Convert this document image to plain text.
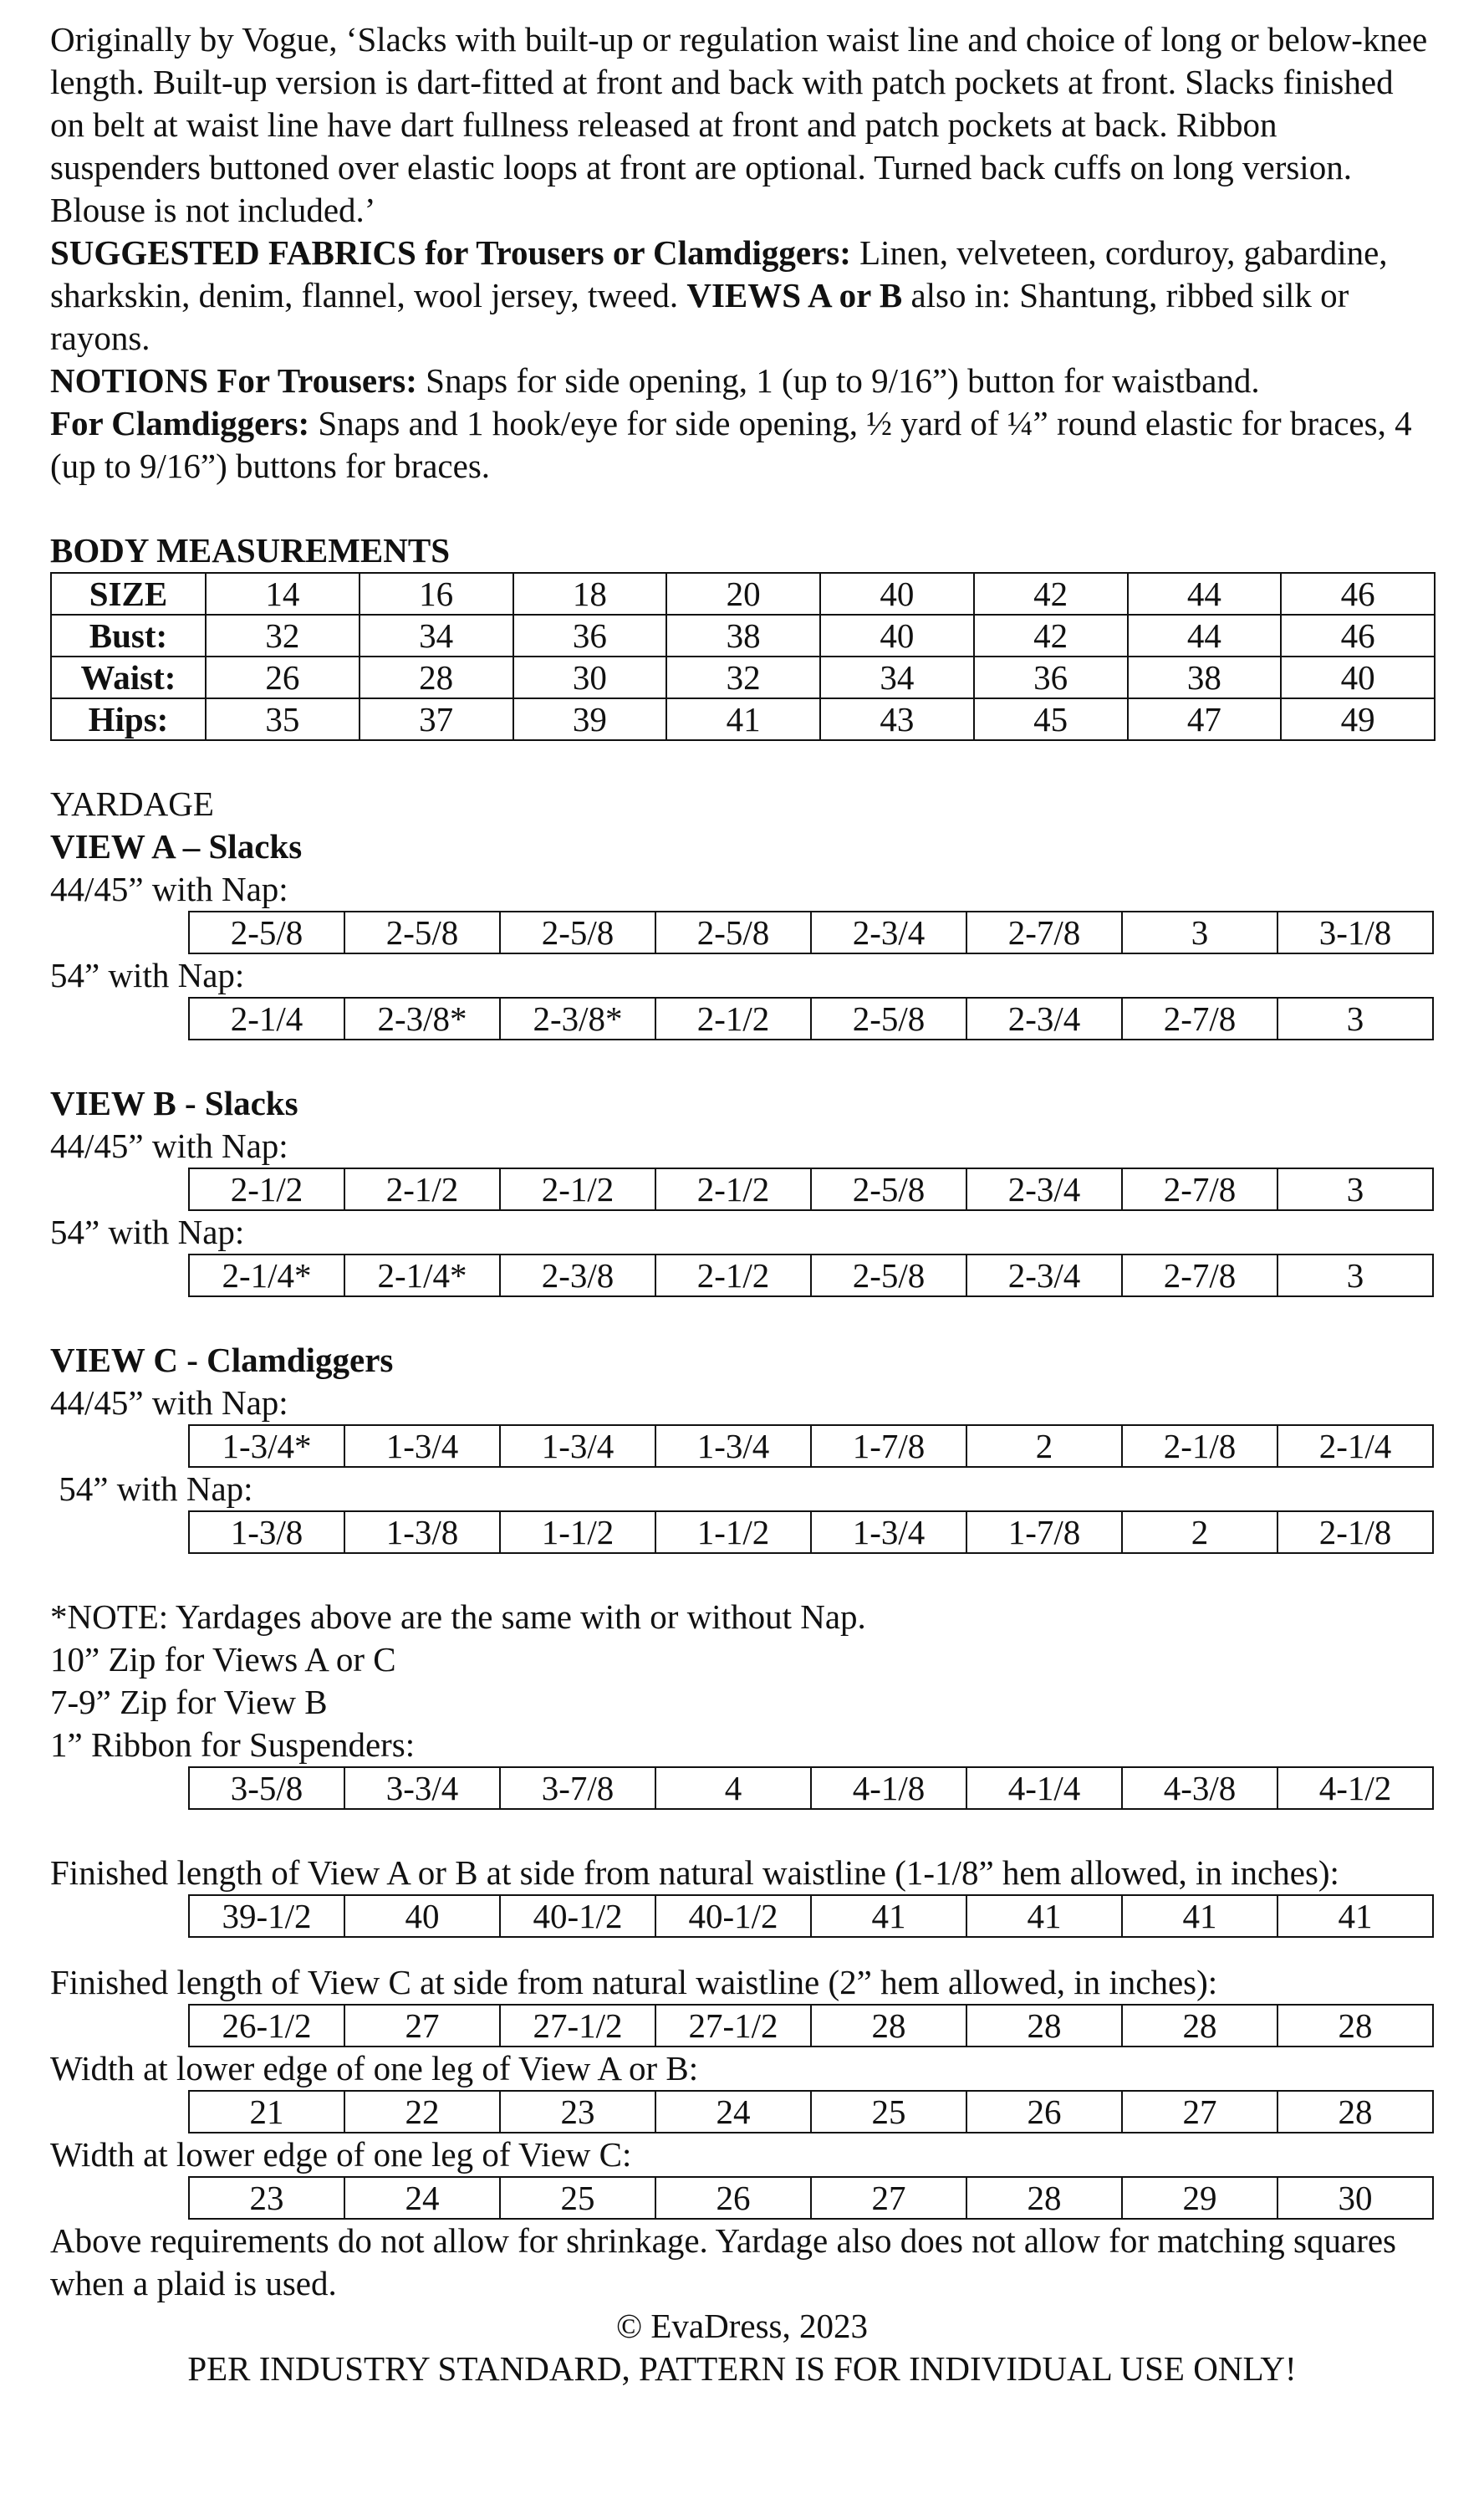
Originally by Vogue, ‘Slacks with built-up or regulation waist line and choice of long or below-knee length. Built-up version is dart-fitted at front and back with patch pockets at front. Slacks finished on belt at waist line have dart fullness released at front and patch pockets at back. Ribbon suspenders buttoned over elastic loops at front are optional. Turned back cuffs on long version. Blouse is not included.’

SUGGESTED FABRICS for Trousers or Clamdiggers: Linen, velveteen, corduroy, gabardine, sharkskin, denim, flannel, wool jersey, tweed. VIEWS A or B also in: Shantung, ribbed silk or rayons.

NOTIONS For Trousers: Snaps for side opening, 1 (up to 9/16”) button for waistband.

For Clamdiggers: Snaps and 1 hook/eye for side opening, ½ yard of ¼” round elastic for braces, 4 (up to 9/16”) buttons for braces.

BODY MEASUREMENTS

SIZE	14	16	18	20	40	42	44	46
Bust:	32	34	36	38	40	42	44	46
Waist:	26	28	30	32	34	36	38	40
Hips:	35	37	39	41	43	45	47	49

YARDAGE

VIEW A – Slacks

44/45” with Nap:

2-5/8	2-5/8	2-5/8	2-5/8	2-3/4	2-7/8	3	3-1/8

54” with Nap:

2-1/4	2-3/8*	2-3/8*	2-1/2	2-5/8	2-3/4	2-7/8	3

VIEW B - Slacks

44/45” with Nap:

2-1/2	2-1/2	2-1/2	2-1/2	2-5/8	2-3/4	2-7/8	3

54” with Nap:

2-1/4*	2-1/4*	2-3/8	2-1/2	2-5/8	2-3/4	2-7/8	3

VIEW C - Clamdiggers

44/45” with Nap:

1-3/4*	1-3/4	1-3/4	1-3/4	1-7/8	2	2-1/8	2-1/4

54” with Nap:

1-3/8	1-3/8	1-1/2	1-1/2	1-3/4	1-7/8	2	2-1/8

*NOTE: Yardages above are the same with or without Nap.

10” Zip for Views A or C

7-9” Zip for View B

1” Ribbon for Suspenders:

3-5/8	3-3/4	3-7/8	4	4-1/8	4-1/4	4-3/8	4-1/2

Finished length of View A or B at side from natural waistline (1-1/8” hem allowed, in inches):

39-1/2	40	40-1/2	40-1/2	41	41	41	41

Finished length of View C at side from natural waistline (2” hem allowed, in inches):

26-1/2	27	27-1/2	27-1/2	28	28	28	28

Width at lower edge of one leg of View A or B:

21	22	23	24	25	26	27	28

Width at lower edge of one leg of View C:

23	24	25	26	27	28	29	30

Above requirements do not allow for shrinkage. Yardage also does not allow for matching squares when a plaid is used.

© EvaDress, 2023

PER INDUSTRY STANDARD, PATTERN IS FOR INDIVIDUAL USE ONLY!
